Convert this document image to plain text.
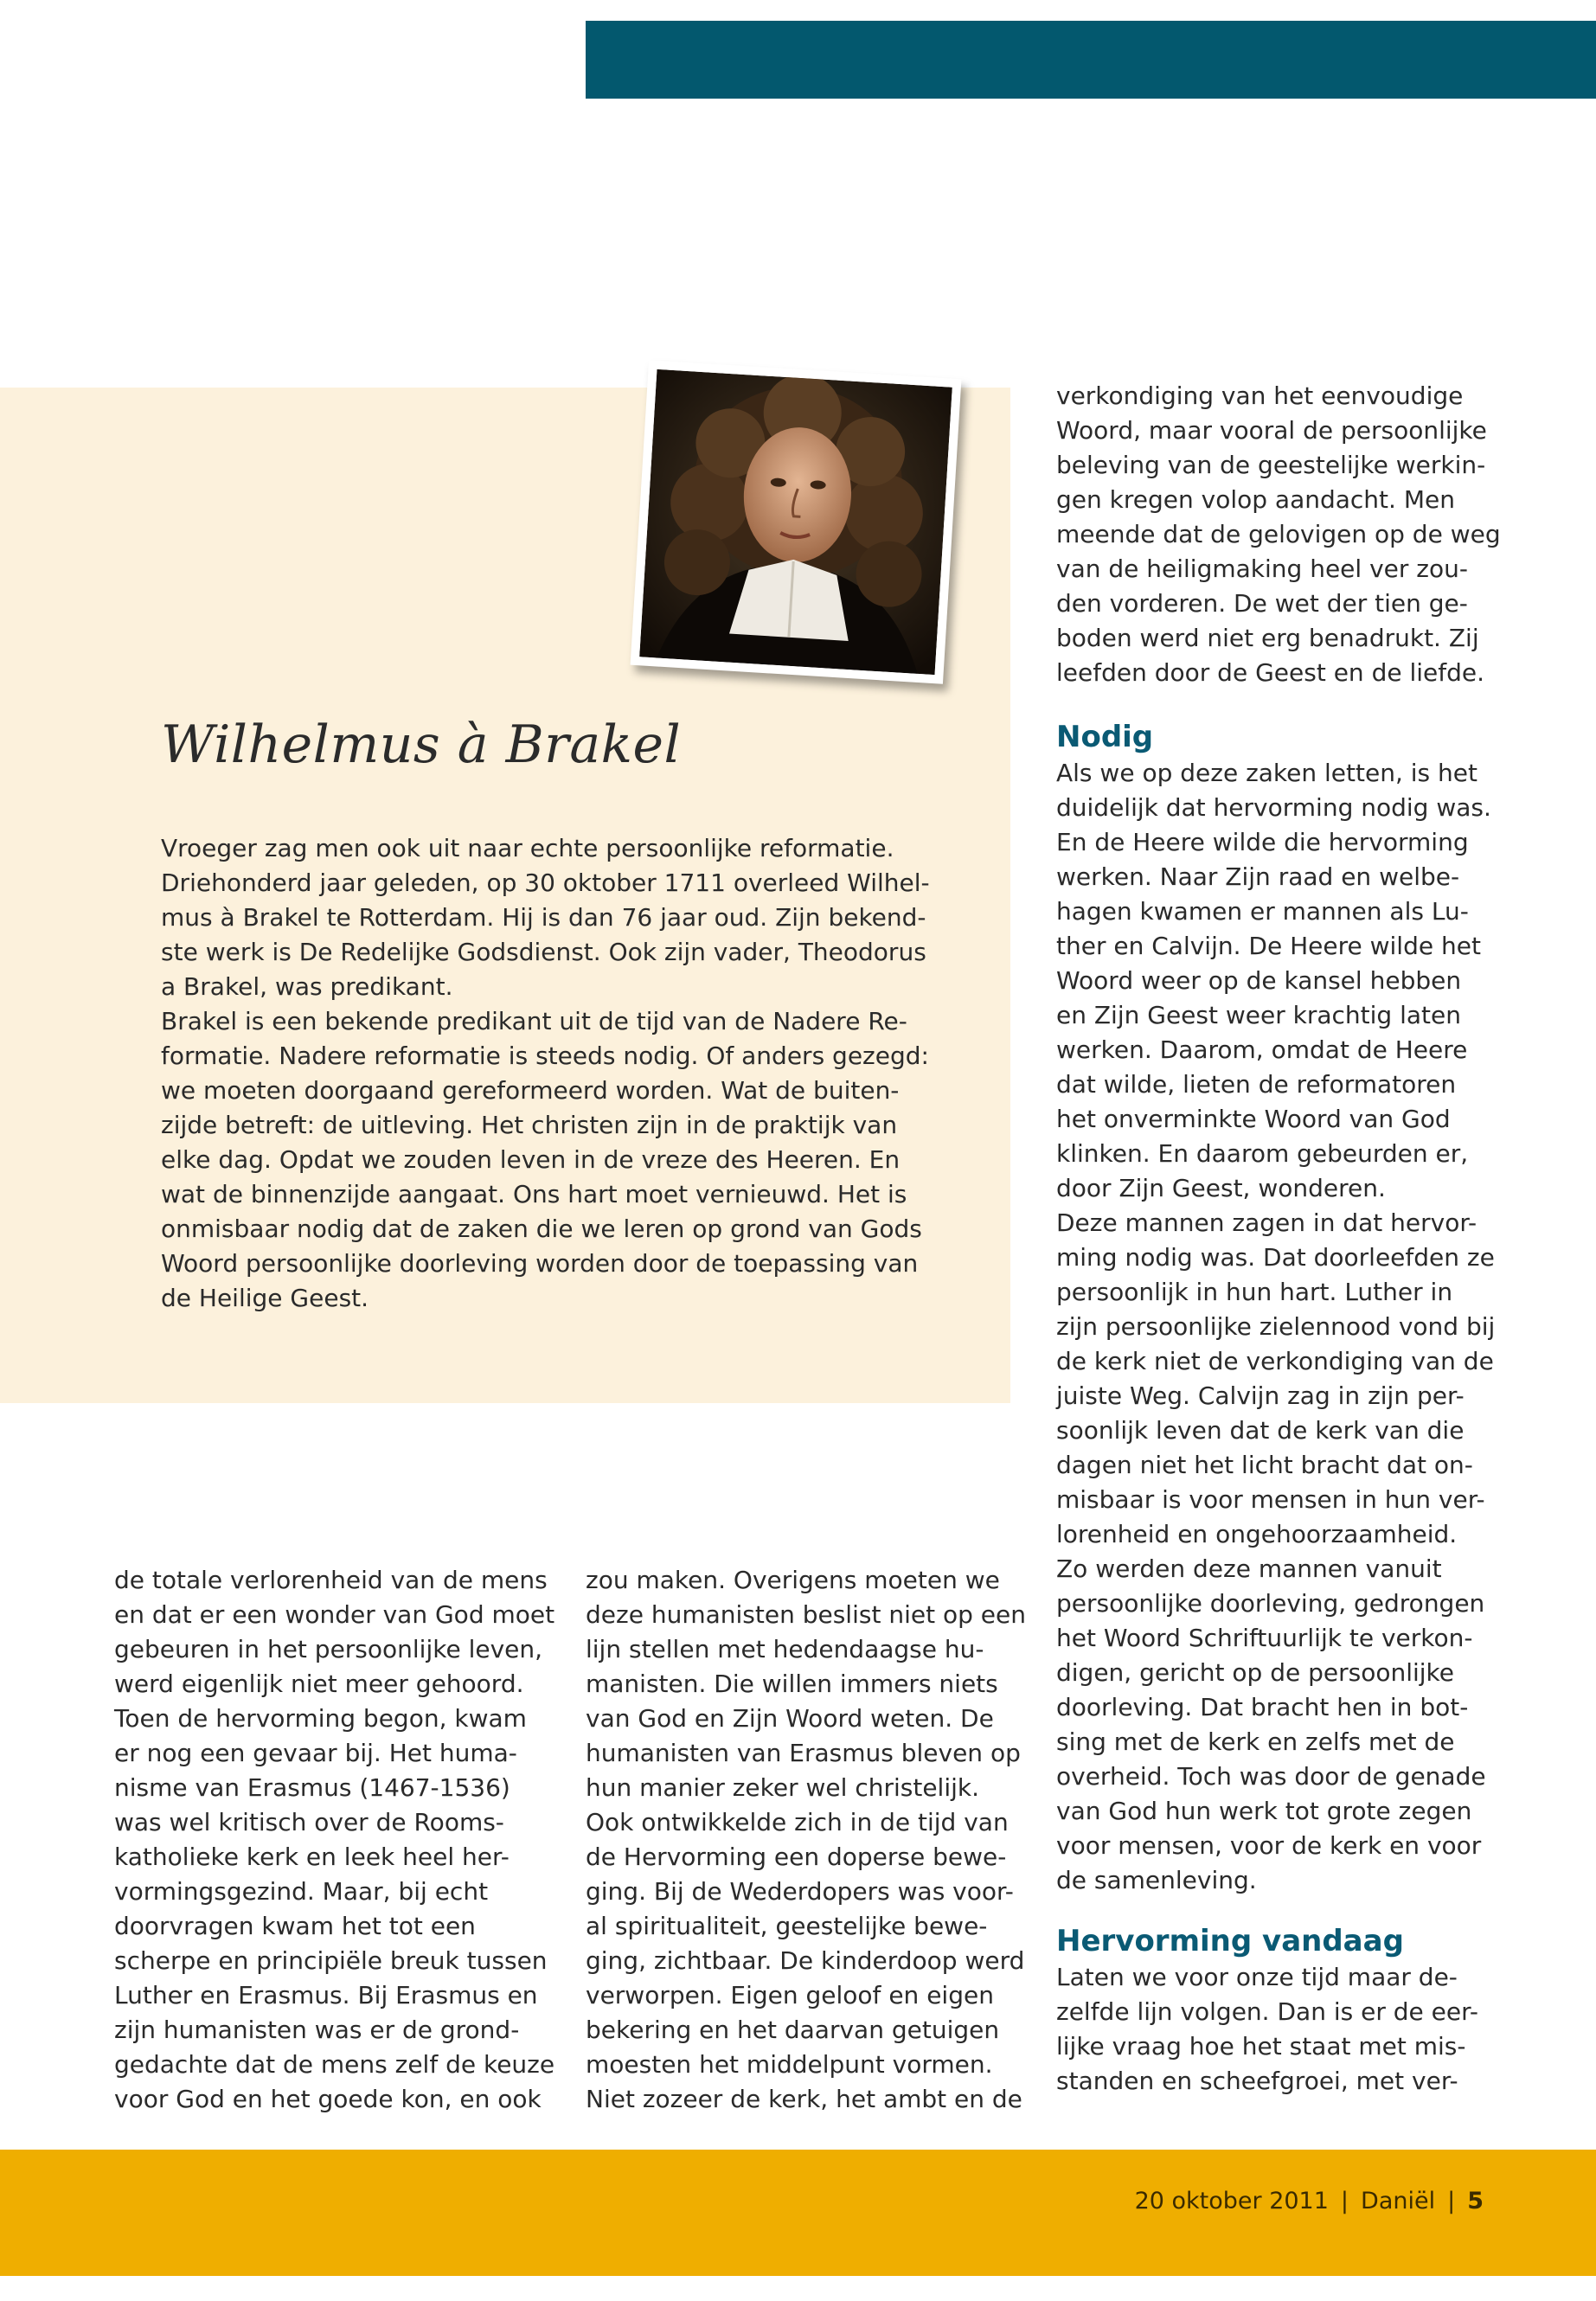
Wilhelmus à Brakel
Vroeger zag men ook uit naar echte persoonlijke reformatie.
Driehonderd jaar geleden, op 30 oktober 1711 overleed Wilhel-
mus à Brakel te Rotterdam. Hij is dan 76 jaar oud. Zijn bekend-
ste werk is De Redelijke Godsdienst. Ook zijn vader, Theodorus
a Brakel, was predikant.
Brakel is een bekende predikant uit de tijd van de Nadere Re-
formatie. Nadere reformatie is steeds nodig. Of anders gezegd:
we moeten doorgaand gereformeerd worden. Wat de buiten-
zijde betreft: de uitleving. Het christen zijn in de praktijk van
elke dag. Opdat we zouden leven in de vreze des Heeren. En
wat de binnenzijde aangaat. Ons hart moet vernieuwd. Het is
onmisbaar nodig dat de zaken die we leren op grond van Gods
Woord persoonlijke doorleving worden door de toepassing van
de Heilige Geest.
de totale verlorenheid van de mens
en dat er een wonder van God moet
gebeuren in het persoonlijke leven,
werd eigenlijk niet meer gehoord.
Toen de hervorming begon, kwam
er nog een gevaar bij. Het huma-
nisme van Erasmus (1467-1536)
was wel kritisch over de Rooms-
katholieke kerk en leek heel her-
vormingsgezind. Maar, bij echt
doorvragen kwam het tot een
scherpe en principiële breuk tussen
Luther en Erasmus. Bij Erasmus en
zijn humanisten was er de grond-
gedachte dat de mens zelf de keuze
voor God en het goede kon, en ook
zou maken. Overigens moeten we
deze humanisten beslist niet op een
lijn stellen met hedendaagse hu-
manisten. Die willen immers niets
van God en Zijn Woord weten. De
humanisten van Erasmus bleven op
hun manier zeker wel christelijk.
Ook ontwikkelde zich in de tijd van
de Hervorming een doperse bewe-
ging. Bij de Wederdopers was voor-
al spiritualiteit, geestelijke bewe-
ging, zichtbaar. De kinderdoop werd
verworpen. Eigen geloof en eigen
bekering en het daarvan getuigen
moesten het middelpunt vormen.
Niet zozeer de kerk, het ambt en de
verkondiging van het eenvoudige
Woord, maar vooral de persoonlijke
beleving van de geestelijke werkin-
gen kregen volop aandacht. Men
meende dat de gelovigen op de weg
van de heiligmaking heel ver zou-
den vorderen. De wet der tien ge-
boden werd niet erg benadrukt. Zij
leefden door de Geest en de liefde.
Nodig
Als we op deze zaken letten, is het
duidelijk dat hervorming nodig was.
En de Heere wilde die hervorming
werken. Naar Zijn raad en welbe-
hagen kwamen er mannen als Lu-
ther en Calvijn. De Heere wilde het
Woord weer op de kansel hebben
en Zijn Geest weer krachtig laten
werken. Daarom, omdat de Heere
dat wilde, lieten de reformatoren
het onverminkte Woord van God
klinken. En daarom gebeurden er,
door Zijn Geest, wonderen.
Deze mannen zagen in dat hervor-
ming nodig was. Dat doorleefden ze
persoonlijk in hun hart. Luther in
zijn persoonlijke zielennood vond bij
de kerk niet de verkondiging van de
juiste Weg. Calvijn zag in zijn per-
soonlijk leven dat de kerk van die
dagen niet het licht bracht dat on-
misbaar is voor mensen in hun ver-
lorenheid en ongehoorzaamheid.
Zo werden deze mannen vanuit
persoonlijke doorleving, gedrongen
het Woord Schriftuurlijk te verkon-
digen, gericht op de persoonlijke
doorleving. Dat bracht hen in bot-
sing met de kerk en zelfs met de
overheid. Toch was door de genade
van God hun werk tot grote zegen
voor mensen, voor de kerk en voor
de samenleving.
Hervorming vandaag
Laten we voor onze tijd maar de-
zelfde lijn volgen. Dan is er de eer-
lijke vraag hoe het staat met mis-
standen en scheefgroei, met ver-
20 oktober 2011 | Daniël | 5
